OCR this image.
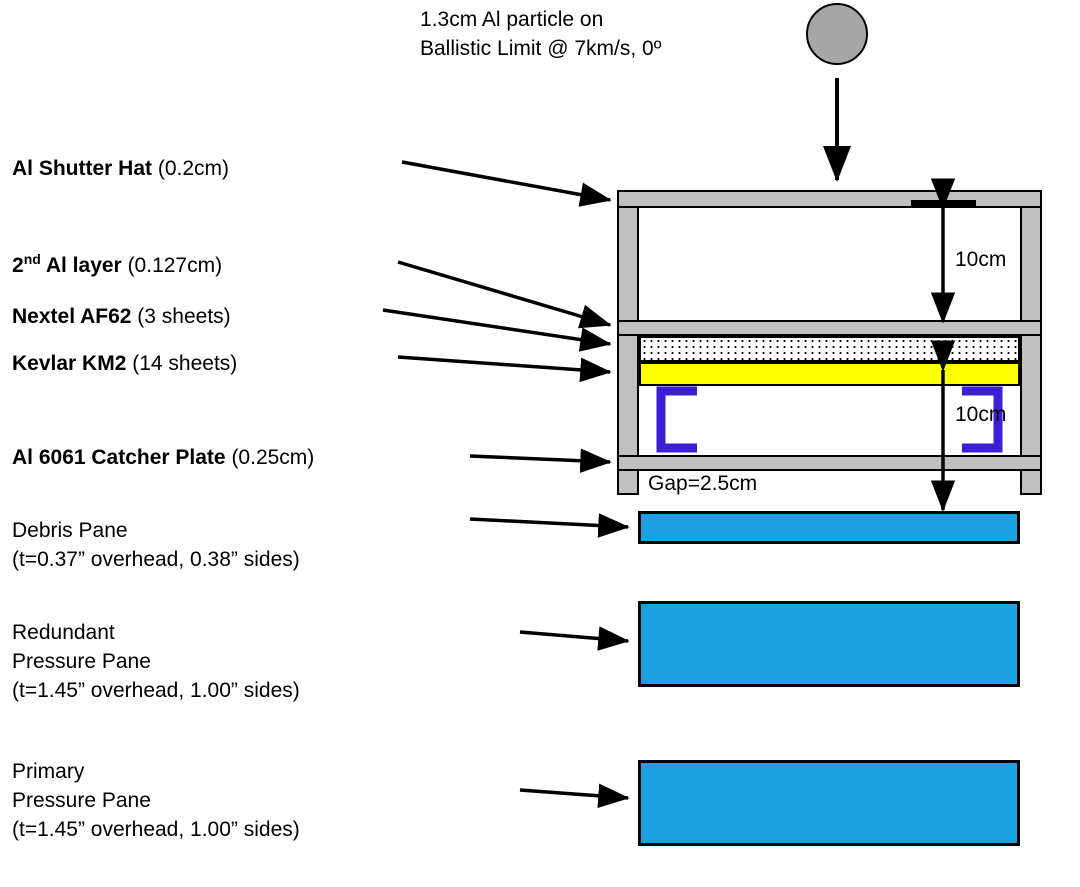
1.3cm Al particle on
Ballistic Limit @ 7km/s, 0º
Al Shutter Hat (0.2cm)
2nd Al layer (0.127cm)
Nextel AF62 (3 sheets)
Kevlar KM2 (14 sheets)
Al 6061 Catcher Plate (0.25cm)
Debris Pane
(t=0.37” overhead, 0.38” sides)
Redundant
Pressure Pane
(t=1.45” overhead, 1.00” sides)
Primary
Pressure Pane
(t=1.45” overhead, 1.00” sides)
10cm
10cm
Gap=2.5cm
